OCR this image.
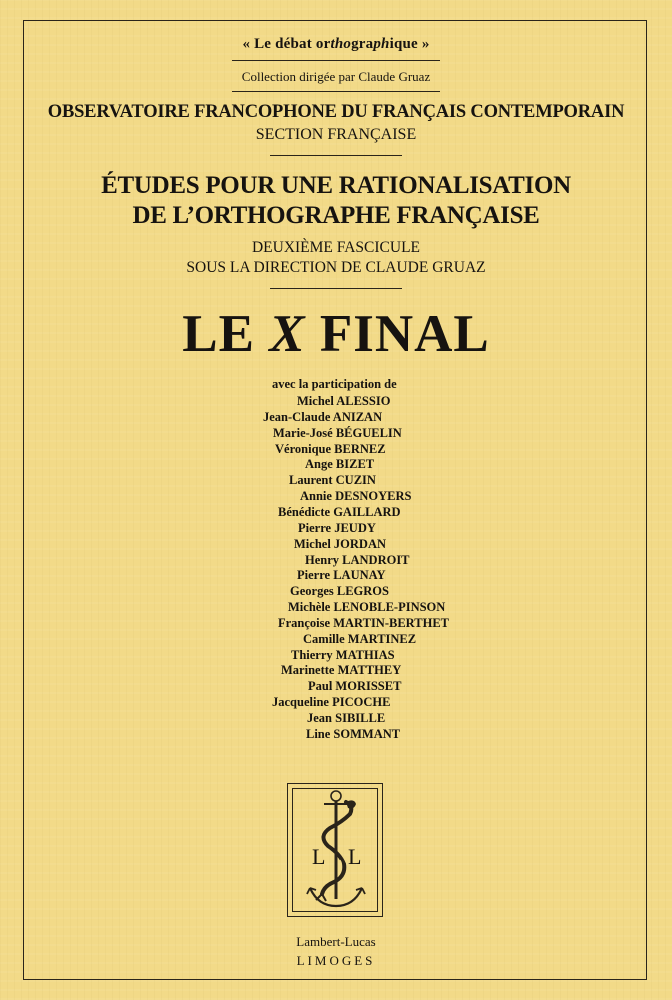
« Le débat orthographique »
Collection dirigée par Claude Gruaz
OBSERVATOIRE FRANCOPHONE DU FRANÇAIS CONTEMPORAIN
SECTION FRANÇAISE
ÉTUDES POUR UNE RATIONALISATION
DE L’ORTHOGRAPHE FRANÇAISE
DEUXIÈME FASCICULE
SOUS LA DIRECTION DE CLAUDE GRUAZ
LE X FINAL
avec la participation de
Michel ALESSIO
Jean-Claude ANIZAN
Marie-José BÉGUELIN
Véronique BERNEZ
Ange BIZET
Laurent CUZIN
Annie DESNOYERS
Bénédicte GAILLARD
Pierre JEUDY
Michel JORDAN
Henry LANDROIT
Pierre LAUNAY
Georges LEGROS
Michèle LENOBLE-PINSON
Françoise MARTIN-BERTHET
Camille MARTINEZ
Thierry MATHIAS
Marinette MATTHEY
Paul MORISSET
Jacqueline PICOCHE
Jean SIBILLE
Line SOMMANT
L L
Lambert-Lucas
LIMOGES
